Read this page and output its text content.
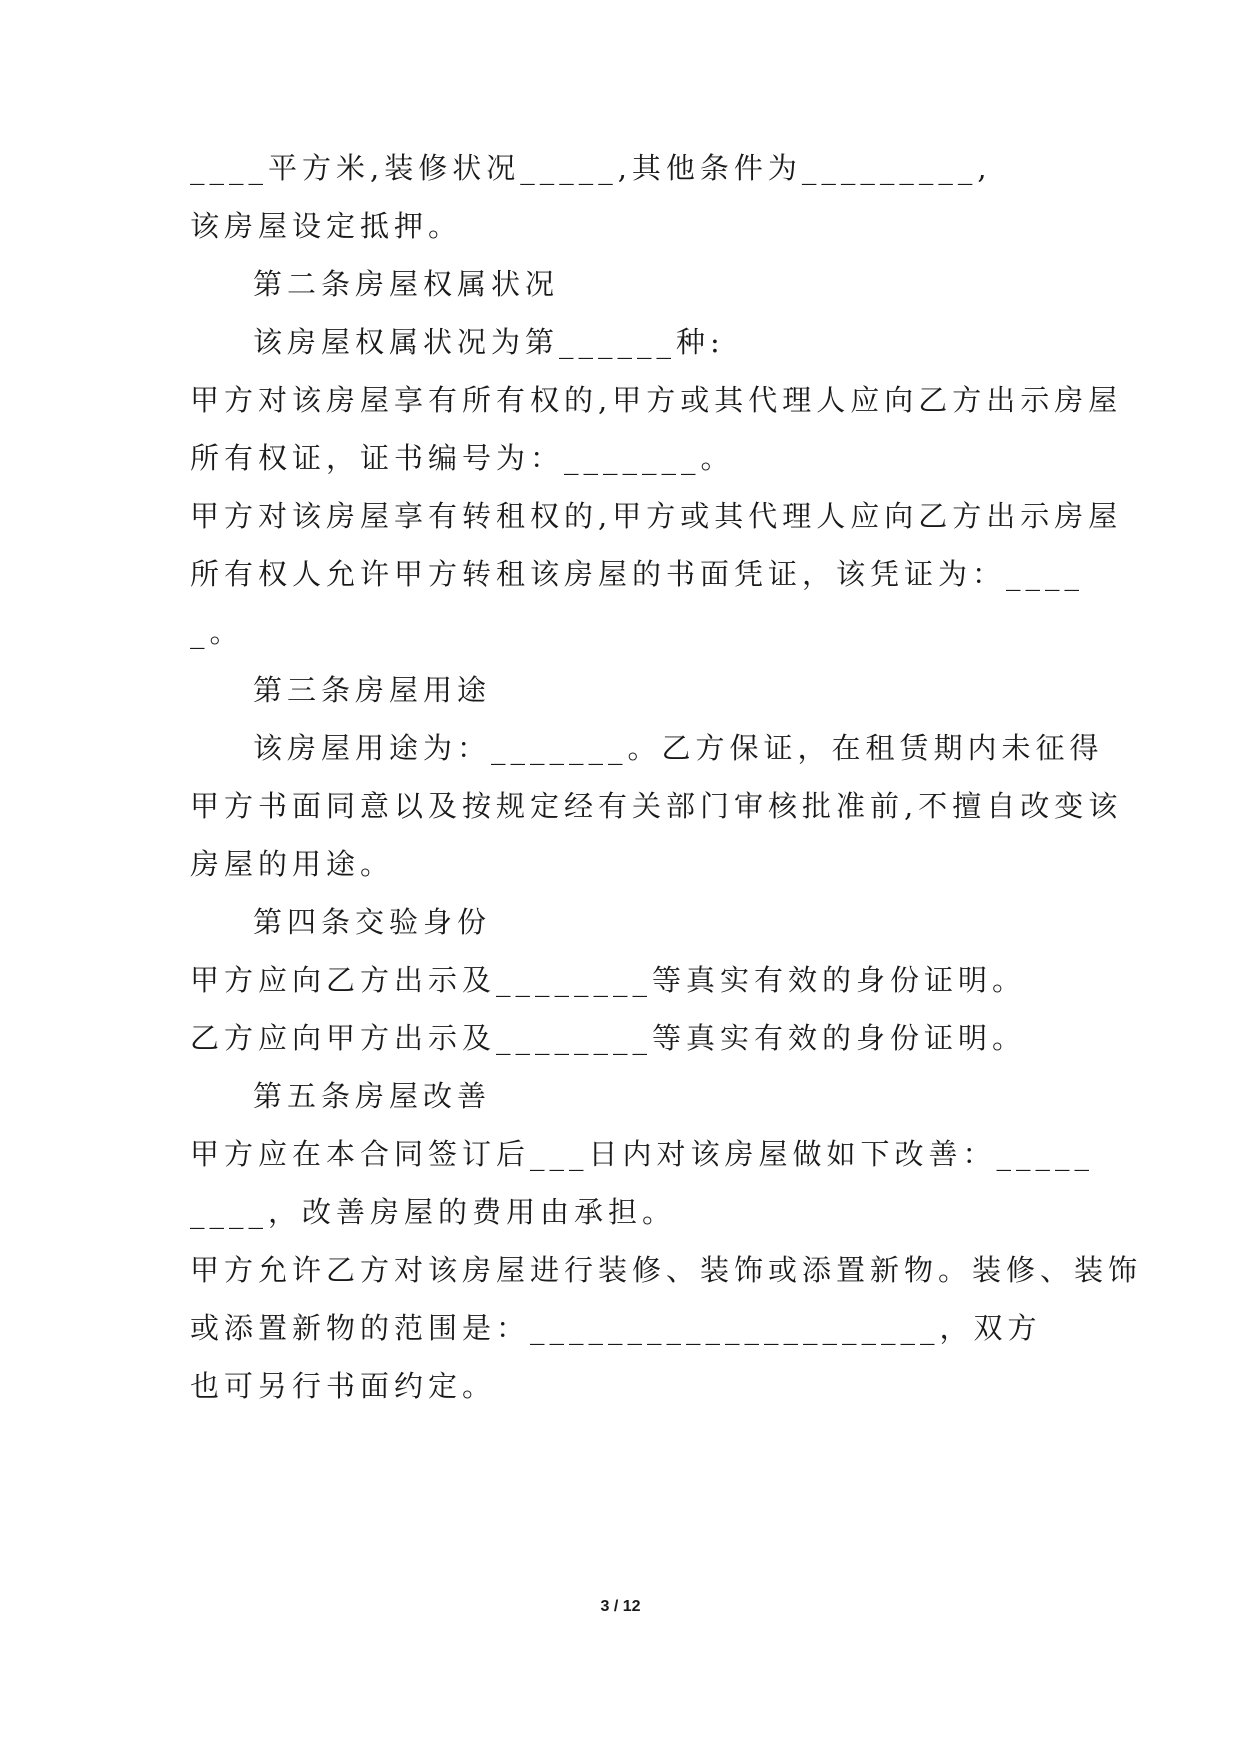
____平方米,装修状况_____,其他条件为_________,
该房屋设定抵押。
第二条房屋权属状况
该房屋权属状况为第______种:
甲方对该房屋享有所有权的,甲方或其代理人应向乙方出示房屋
所有权证，证书编号为：_______。
甲方对该房屋享有转租权的,甲方或其代理人应向乙方出示房屋
所有权人允许甲方转租该房屋的书面凭证，该凭证为：____
_。
第三条房屋用途
该房屋用途为：_______。乙方保证，在租赁期内未征得
甲方书面同意以及按规定经有关部门审核批准前,不擅自改变该
房屋的用途。
第四条交验身份
甲方应向乙方出示及________等真实有效的身份证明。
乙方应向甲方出示及________等真实有效的身份证明。
第五条房屋改善
甲方应在本合同签订后___日内对该房屋做如下改善：_____
____，改善房屋的费用由承担。
甲方允许乙方对该房屋进行装修、装饰或添置新物。装修、装饰
或添置新物的范围是：_____________________，双方
也可另行书面约定。
3 / 12
